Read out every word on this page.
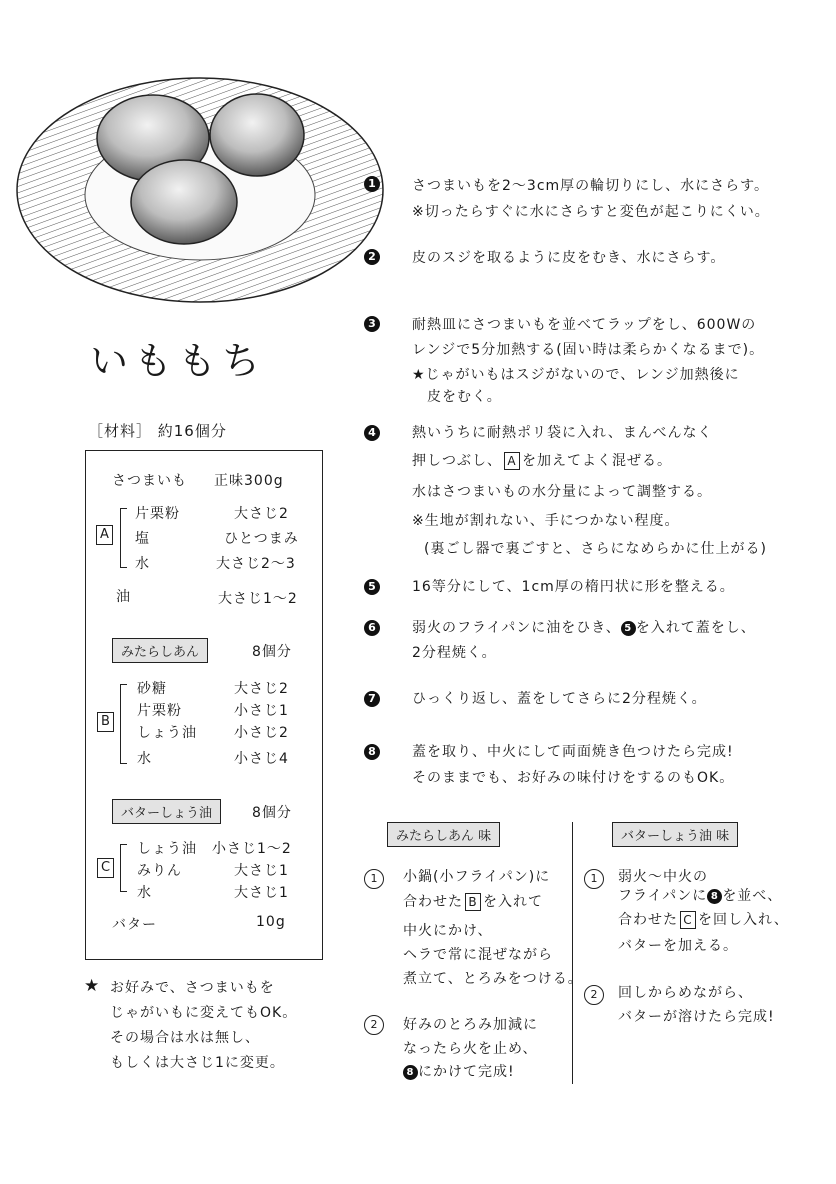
いももち
［材料］ 約16個分
さつまいも 正味300g
A
片栗粉	大さじ2
塩	ひとつまみ
水	大さじ2〜3
油	大さじ1〜2
みたらしあん	8個分
B
砂糖	大さじ2
片栗粉	小さじ1
しょう油	小さじ2
水	小さじ4
バターしょう油	8個分
C
しょう油 小さじ1〜2
みりん	大さじ1
水	大さじ1
バター	10g
★ お好みで、さつまいもを
じゃがいもに変えてもOK。
その場合は水は無し、
もしくは大さじ1に変更。
1	さつまいもを2〜3cm厚の輪切りにし、水にさらす。
※切ったらすぐに水にさらすと変色が起こりにくい。
2	皮のスジを取るように皮をむき、水にさらす。
3	耐熱皿にさつまいもを並べてラップをし、600Wの
レンジで5分加熱する(固い時は柔らかくなるまで)。
★じゃがいもはスジがないので、レンジ加熱後に
　皮をむく。
4	熱いうちに耐熱ポリ袋に入れ、まんべんなく
押しつぶし、 A を加えてよく混ぜる。
水はさつまいもの水分量によって調整する。
※生地が割れない、手につかない程度。
(裏ごし器で裏ごすと、さらになめらかに仕上がる)
5	16等分にして、1cm厚の楕円状に形を整える。
6	弱火のフライパンに油をひき、 5 を入れて蓋をし、
2分程焼く。
7	ひっくり返し、蓋をしてさらに2分程焼く。
8	蓋を取り、中火にして両面焼き色つけたら完成!
そのままでも、お好みの味付けをするのもOK。
みたらしあん 味
1	小鍋(小フライパン)に
合わせた B を入れて
中火にかけ、
ヘラで常に混ぜながら
煮立て、とろみをつける。
2	好みのとろみ加減に
なったら火を止め、
8 にかけて完成!
バターしょう油 味
1	弱火〜中火の
フライパンに 8 を並べ、
合わせた C を回し入れ、
バターを加える。
2	回しからめながら、
バターが溶けたら完成!
